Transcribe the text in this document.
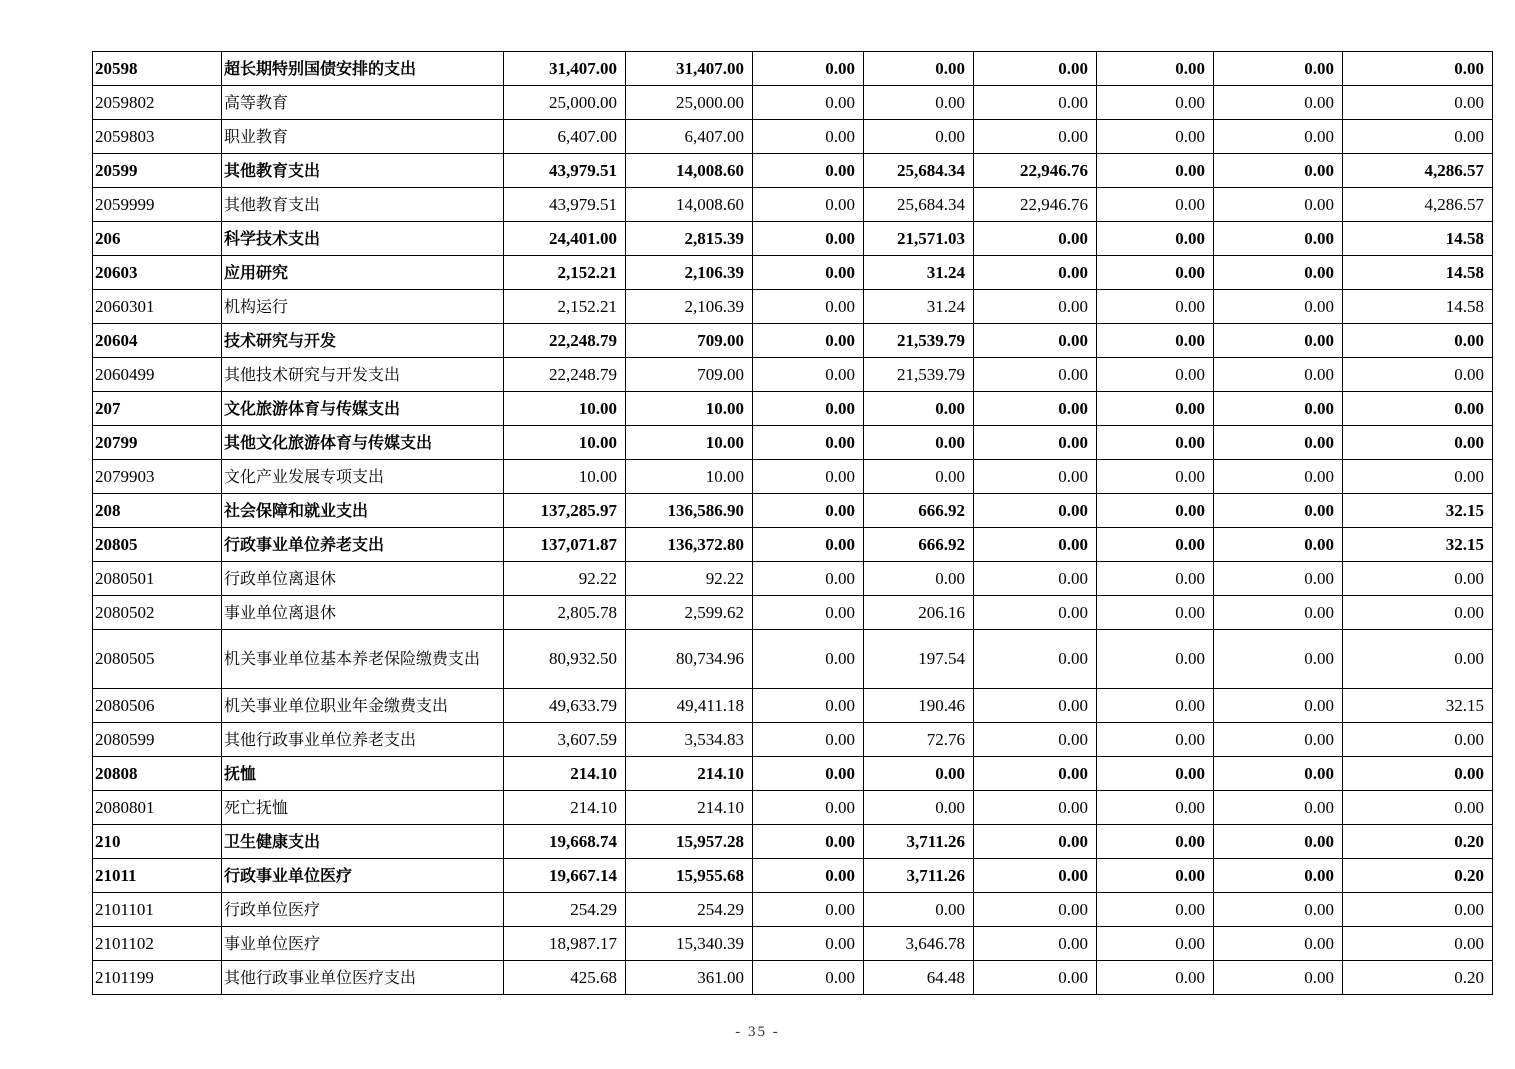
20598	超长期特别国债安排的支出	31,407.00	31,407.00	0.00	0.00	0.00	0.00	0.00	0.00
2059802	高等教育	25,000.00	25,000.00	0.00	0.00	0.00	0.00	0.00	0.00
2059803	职业教育	6,407.00	6,407.00	0.00	0.00	0.00	0.00	0.00	0.00
20599	其他教育支出	43,979.51	14,008.60	0.00	25,684.34	22,946.76	0.00	0.00	4,286.57
2059999	其他教育支出	43,979.51	14,008.60	0.00	25,684.34	22,946.76	0.00	0.00	4,286.57
206	科学技术支出	24,401.00	2,815.39	0.00	21,571.03	0.00	0.00	0.00	14.58
20603	应用研究	2,152.21	2,106.39	0.00	31.24	0.00	0.00	0.00	14.58
2060301	机构运行	2,152.21	2,106.39	0.00	31.24	0.00	0.00	0.00	14.58
20604	技术研究与开发	22,248.79	709.00	0.00	21,539.79	0.00	0.00	0.00	0.00
2060499	其他技术研究与开发支出	22,248.79	709.00	0.00	21,539.79	0.00	0.00	0.00	0.00
207	文化旅游体育与传媒支出	10.00	10.00	0.00	0.00	0.00	0.00	0.00	0.00
20799	其他文化旅游体育与传媒支出	10.00	10.00	0.00	0.00	0.00	0.00	0.00	0.00
2079903	文化产业发展专项支出	10.00	10.00	0.00	0.00	0.00	0.00	0.00	0.00
208	社会保障和就业支出	137,285.97	136,586.90	0.00	666.92	0.00	0.00	0.00	32.15
20805	行政事业单位养老支出	137,071.87	136,372.80	0.00	666.92	0.00	0.00	0.00	32.15
2080501	行政单位离退休	92.22	92.22	0.00	0.00	0.00	0.00	0.00	0.00
2080502	事业单位离退休	2,805.78	2,599.62	0.00	206.16	0.00	0.00	0.00	0.00
2080505	机关事业单位基本养老保险缴费支出	80,932.50	80,734.96	0.00	197.54	0.00	0.00	0.00	0.00
2080506	机关事业单位职业年金缴费支出	49,633.79	49,411.18	0.00	190.46	0.00	0.00	0.00	32.15
2080599	其他行政事业单位养老支出	3,607.59	3,534.83	0.00	72.76	0.00	0.00	0.00	0.00
20808	抚恤	214.10	214.10	0.00	0.00	0.00	0.00	0.00	0.00
2080801	死亡抚恤	214.10	214.10	0.00	0.00	0.00	0.00	0.00	0.00
210	卫生健康支出	19,668.74	15,957.28	0.00	3,711.26	0.00	0.00	0.00	0.20
21011	行政事业单位医疗	19,667.14	15,955.68	0.00	3,711.26	0.00	0.00	0.00	0.20
2101101	行政单位医疗	254.29	254.29	0.00	0.00	0.00	0.00	0.00	0.00
2101102	事业单位医疗	18,987.17	15,340.39	0.00	3,646.78	0.00	0.00	0.00	0.00
2101199	其他行政事业单位医疗支出	425.68	361.00	0.00	64.48	0.00	0.00	0.00	0.20
- 35 -
